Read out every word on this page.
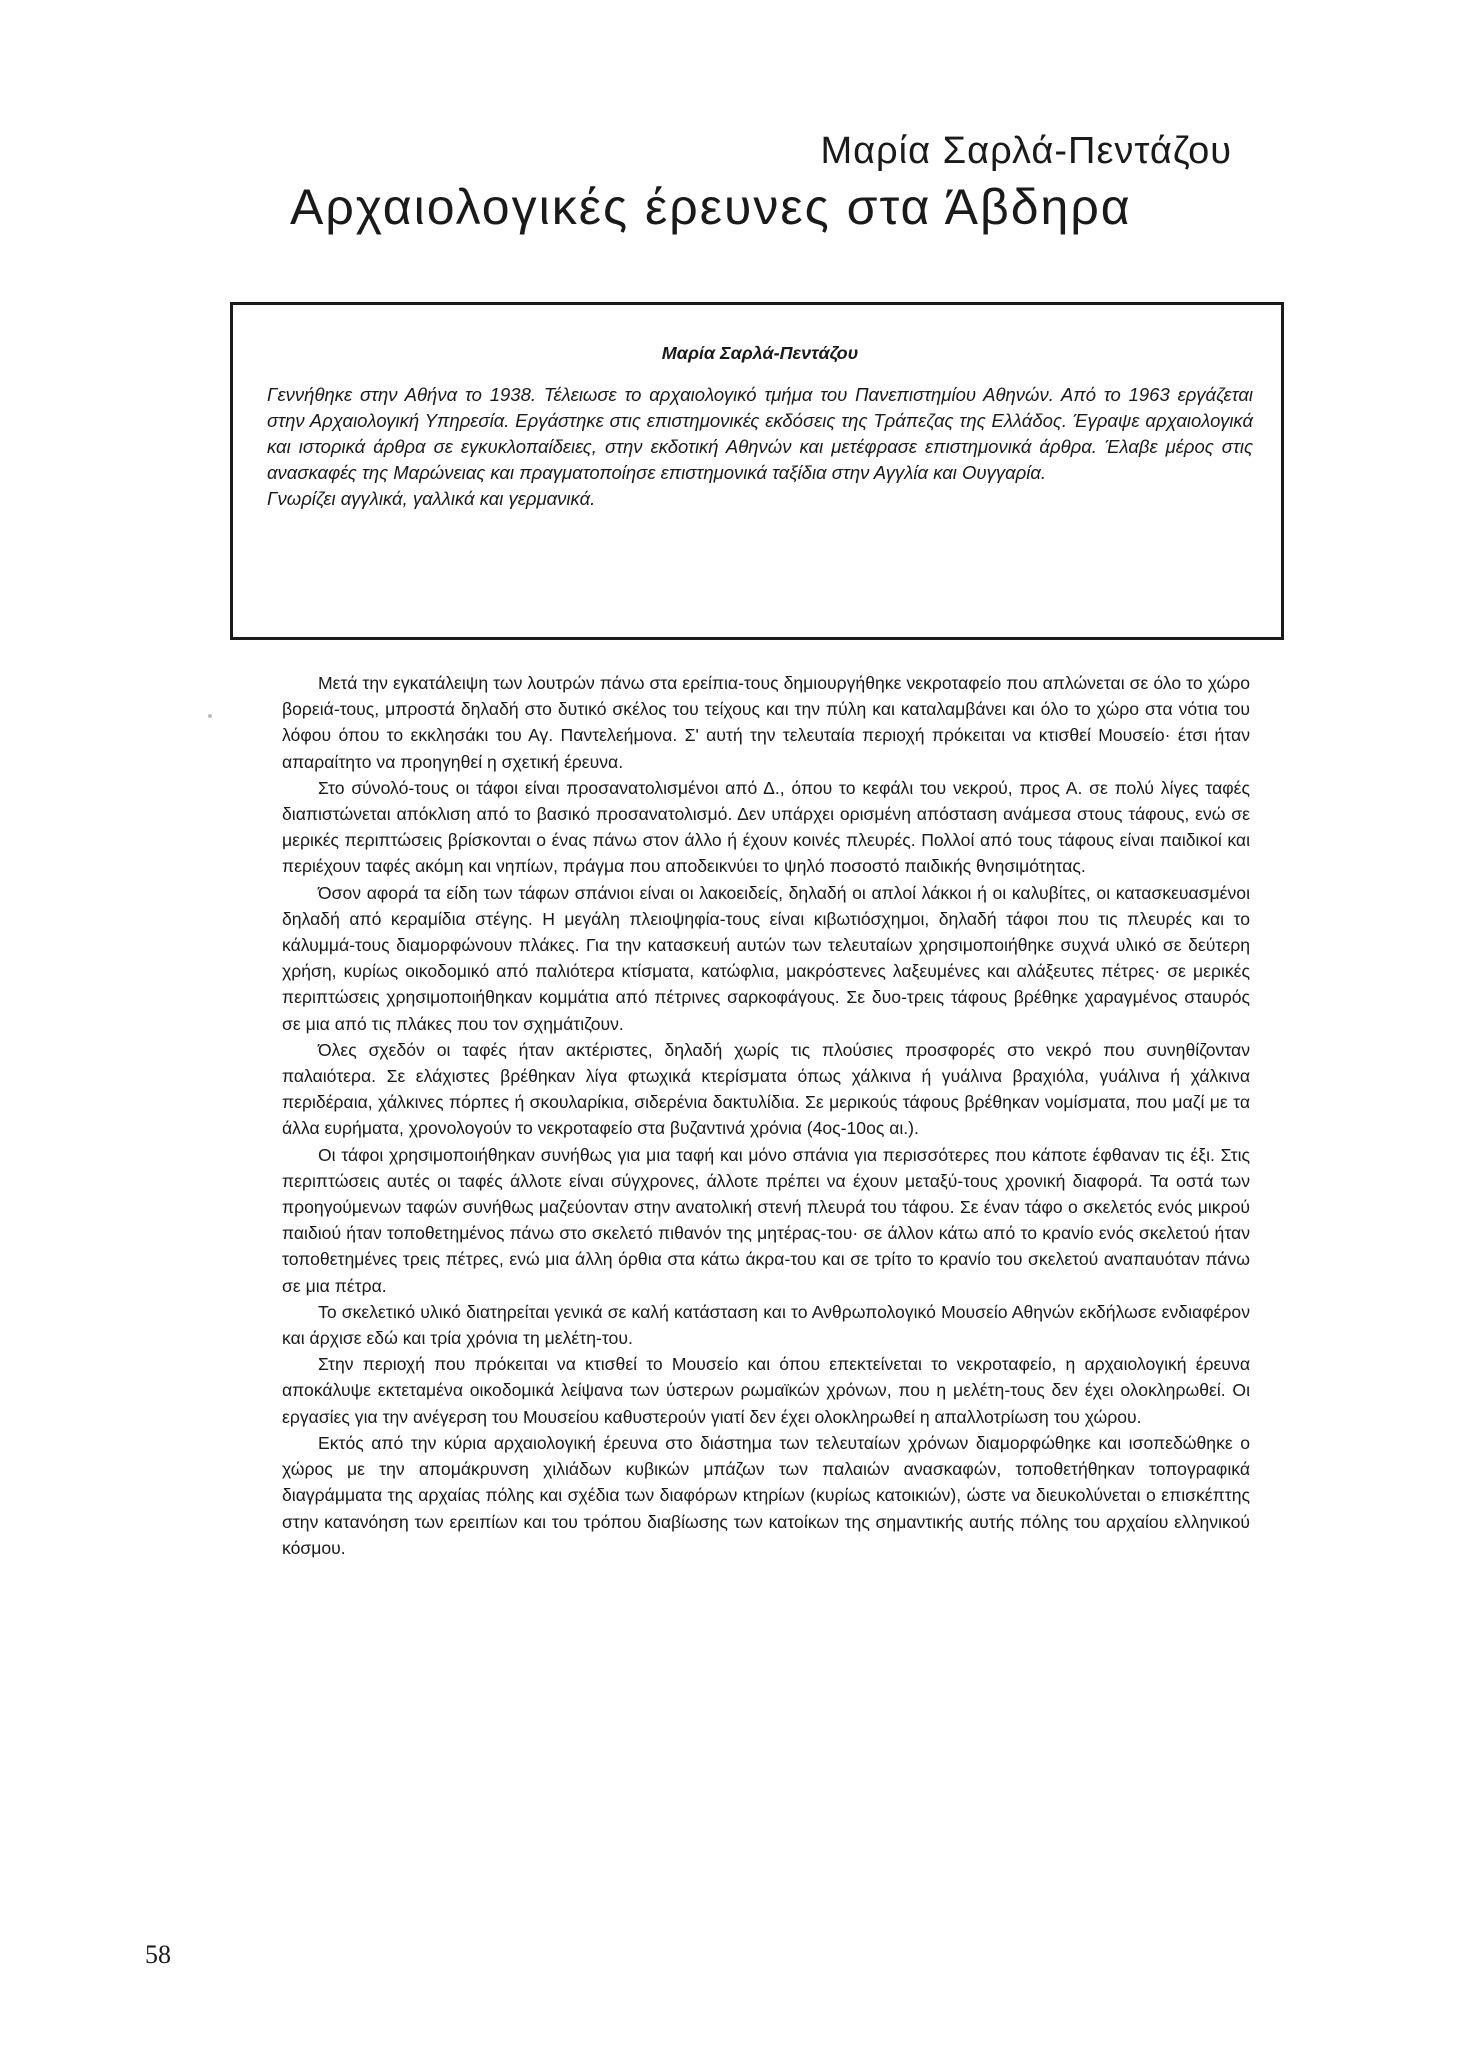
Μαρία Σαρλά-Πεντάζου
Αρχαιολογικές έρευνες στα Άβδηρα

Μαρία Σαρλά-Πεντάζου

Γεννήθηκε στην Αθήνα το 1938. Τέλειωσε το αρχαιολογικό τμήμα του Πανεπιστημίου Αθηνών. Από το 1963 εργάζεται στην Αρχαιολογική Υπηρεσία. Εργάστηκε στις επιστημονικές εκδόσεις της Τράπεζας της Ελλάδος. Έγραψε αρχαιολογικά και ιστορικά άρθρα σε εγκυκλοπαίδειες, στην εκδοτική Αθηνών και μετέφρασε επιστημονικά άρθρα. Έλαβε μέρος στις ανασκαφές της Μαρώνειας και πραγματοποίησε επιστημονικά ταξίδια στην Αγγλία και Ουγγαρία.

Γνωρίζει αγγλικά, γαλλικά και γερμανικά.

Μετά την εγκατάλειψη των λουτρών πάνω στα ερείπια-τους δημιουργήθηκε νεκροταφείο που απλώνεται σε όλο το χώρο βορειά-τους, μπροστά δηλαδή στο δυτικό σκέλος του τείχους και την πύλη και καταλαμβάνει και όλο το χώρο στα νότια του λόφου όπου το εκκλησάκι του Αγ. Παντελεήμονα. Σ' αυτή την τελευταία περιοχή πρόκειται να κτισθεί Μουσείο· έτσι ήταν απαραίτητο να προηγηθεί η σχετική έρευνα.

Στο σύνολό-τους οι τάφοι είναι προσανατολισμένοι από Δ., όπου το κεφάλι του νεκρού, προς Α. σε πολύ λίγες ταφές διαπιστώνεται απόκλιση από το βασικό προσανατολισμό. Δεν υπάρχει ορισμένη απόσταση ανάμεσα στους τάφους, ενώ σε μερικές περιπτώσεις βρίσκονται ο ένας πάνω στον άλλο ή έχουν κοινές πλευρές. Πολλοί από τους τάφους είναι παιδικοί και περιέχουν ταφές ακόμη και νηπίων, πράγμα που αποδεικνύει το ψηλό ποσοστό παιδικής θνησιμότητας.

Όσον αφορά τα είδη των τάφων σπάνιοι είναι οι λακοειδείς, δηλαδή οι απλοί λάκκοι ή οι καλυβίτες, οι κατασκευασμένοι δηλαδή από κεραμίδια στέγης. Η μεγάλη πλειοψηφία-τους είναι κιβωτιόσχημοι, δηλαδή τάφοι που τις πλευρές και το κάλυμμά-τους διαμορφώνουν πλάκες. Για την κατασκευή αυτών των τελευταίων χρησιμοποιήθηκε συχνά υλικό σε δεύτερη χρήση, κυρίως οικοδομικό από παλιότερα κτίσματα, κατώφλια, μακρόστενες λαξευμένες και αλάξευτες πέτρες· σε μερικές περιπτώσεις χρησιμοποιήθηκαν κομμάτια από πέτρινες σαρκοφάγους. Σε δυο-τρεις τάφους βρέθηκε χαραγμένος σταυρός σε μια από τις πλάκες που τον σχημάτιζουν.

Όλες σχεδόν οι ταφές ήταν ακτέριστες, δηλαδή χωρίς τις πλούσιες προσφορές στο νεκρό που συνηθίζονταν παλαιότερα. Σε ελάχιστες βρέθηκαν λίγα φτωχικά κτερίσματα όπως χάλκινα ή γυάλινα βραχιόλα, γυάλινα ή χάλκινα περιδέραια, χάλκινες πόρπες ή σκουλαρίκια, σιδερένια δακτυλίδια. Σε μερικούς τάφους βρέθηκαν νομίσματα, που μαζί με τα άλλα ευρήματα, χρονολογούν το νεκροταφείο στα βυζαντινά χρόνια (4ος-10ος αι.).

Οι τάφοι χρησιμοποιήθηκαν συνήθως για μια ταφή και μόνο σπάνια για περισσότερες που κάποτε έφθαναν τις έξι. Στις περιπτώσεις αυτές οι ταφές άλλοτε είναι σύγχρονες, άλλοτε πρέπει να έχουν μεταξύ-τους χρονική διαφορά. Τα οστά των προηγούμενων ταφών συνήθως μαζεύονταν στην ανατολική στενή πλευρά του τάφου. Σε έναν τάφο ο σκελετός ενός μικρού παιδιού ήταν τοποθετημένος πάνω στο σκελετό πιθανόν της μητέρας-του· σε άλλον κάτω από το κρανίο ενός σκελετού ήταν τοποθετημένες τρεις πέτρες, ενώ μια άλλη όρθια στα κάτω άκρα-του και σε τρίτο το κρανίο του σκελετού αναπαυόταν πάνω σε μια πέτρα.

Το σκελετικό υλικό διατηρείται γενικά σε καλή κατάσταση και το Ανθρωπολογικό Μουσείο Αθηνών εκδήλωσε ενδιαφέρον και άρχισε εδώ και τρία χρόνια τη μελέτη-του.

Στην περιοχή που πρόκειται να κτισθεί το Μουσείο και όπου επεκτείνεται το νεκροταφείο, η αρχαιολογική έρευνα αποκάλυψε εκτεταμένα οικοδομικά λείψανα των ύστερων ρωμαϊκών χρόνων, που η μελέτη-τους δεν έχει ολοκληρωθεί. Οι εργασίες για την ανέγερση του Μουσείου καθυστερούν γιατί δεν έχει ολοκληρωθεί η απαλλοτρίωση του χώρου.

Εκτός από την κύρια αρχαιολογική έρευνα στο διάστημα των τελευταίων χρόνων διαμορφώθηκε και ισοπεδώθηκε ο χώρος με την απομάκρυνση χιλιάδων κυβικών μπάζων των παλαιών ανασκαφών, τοποθετήθηκαν τοπογραφικά διαγράμματα της αρχαίας πόλης και σχέδια των διαφόρων κτηρίων (κυρίως κατοικιών), ώστε να διευκολύνεται ο επισκέπτης στην κατανόηση των ερειπίων και του τρόπου διαβίωσης των κατοίκων της σημαντικής αυτής πόλης του αρχαίου ελληνικού κόσμου.

58
